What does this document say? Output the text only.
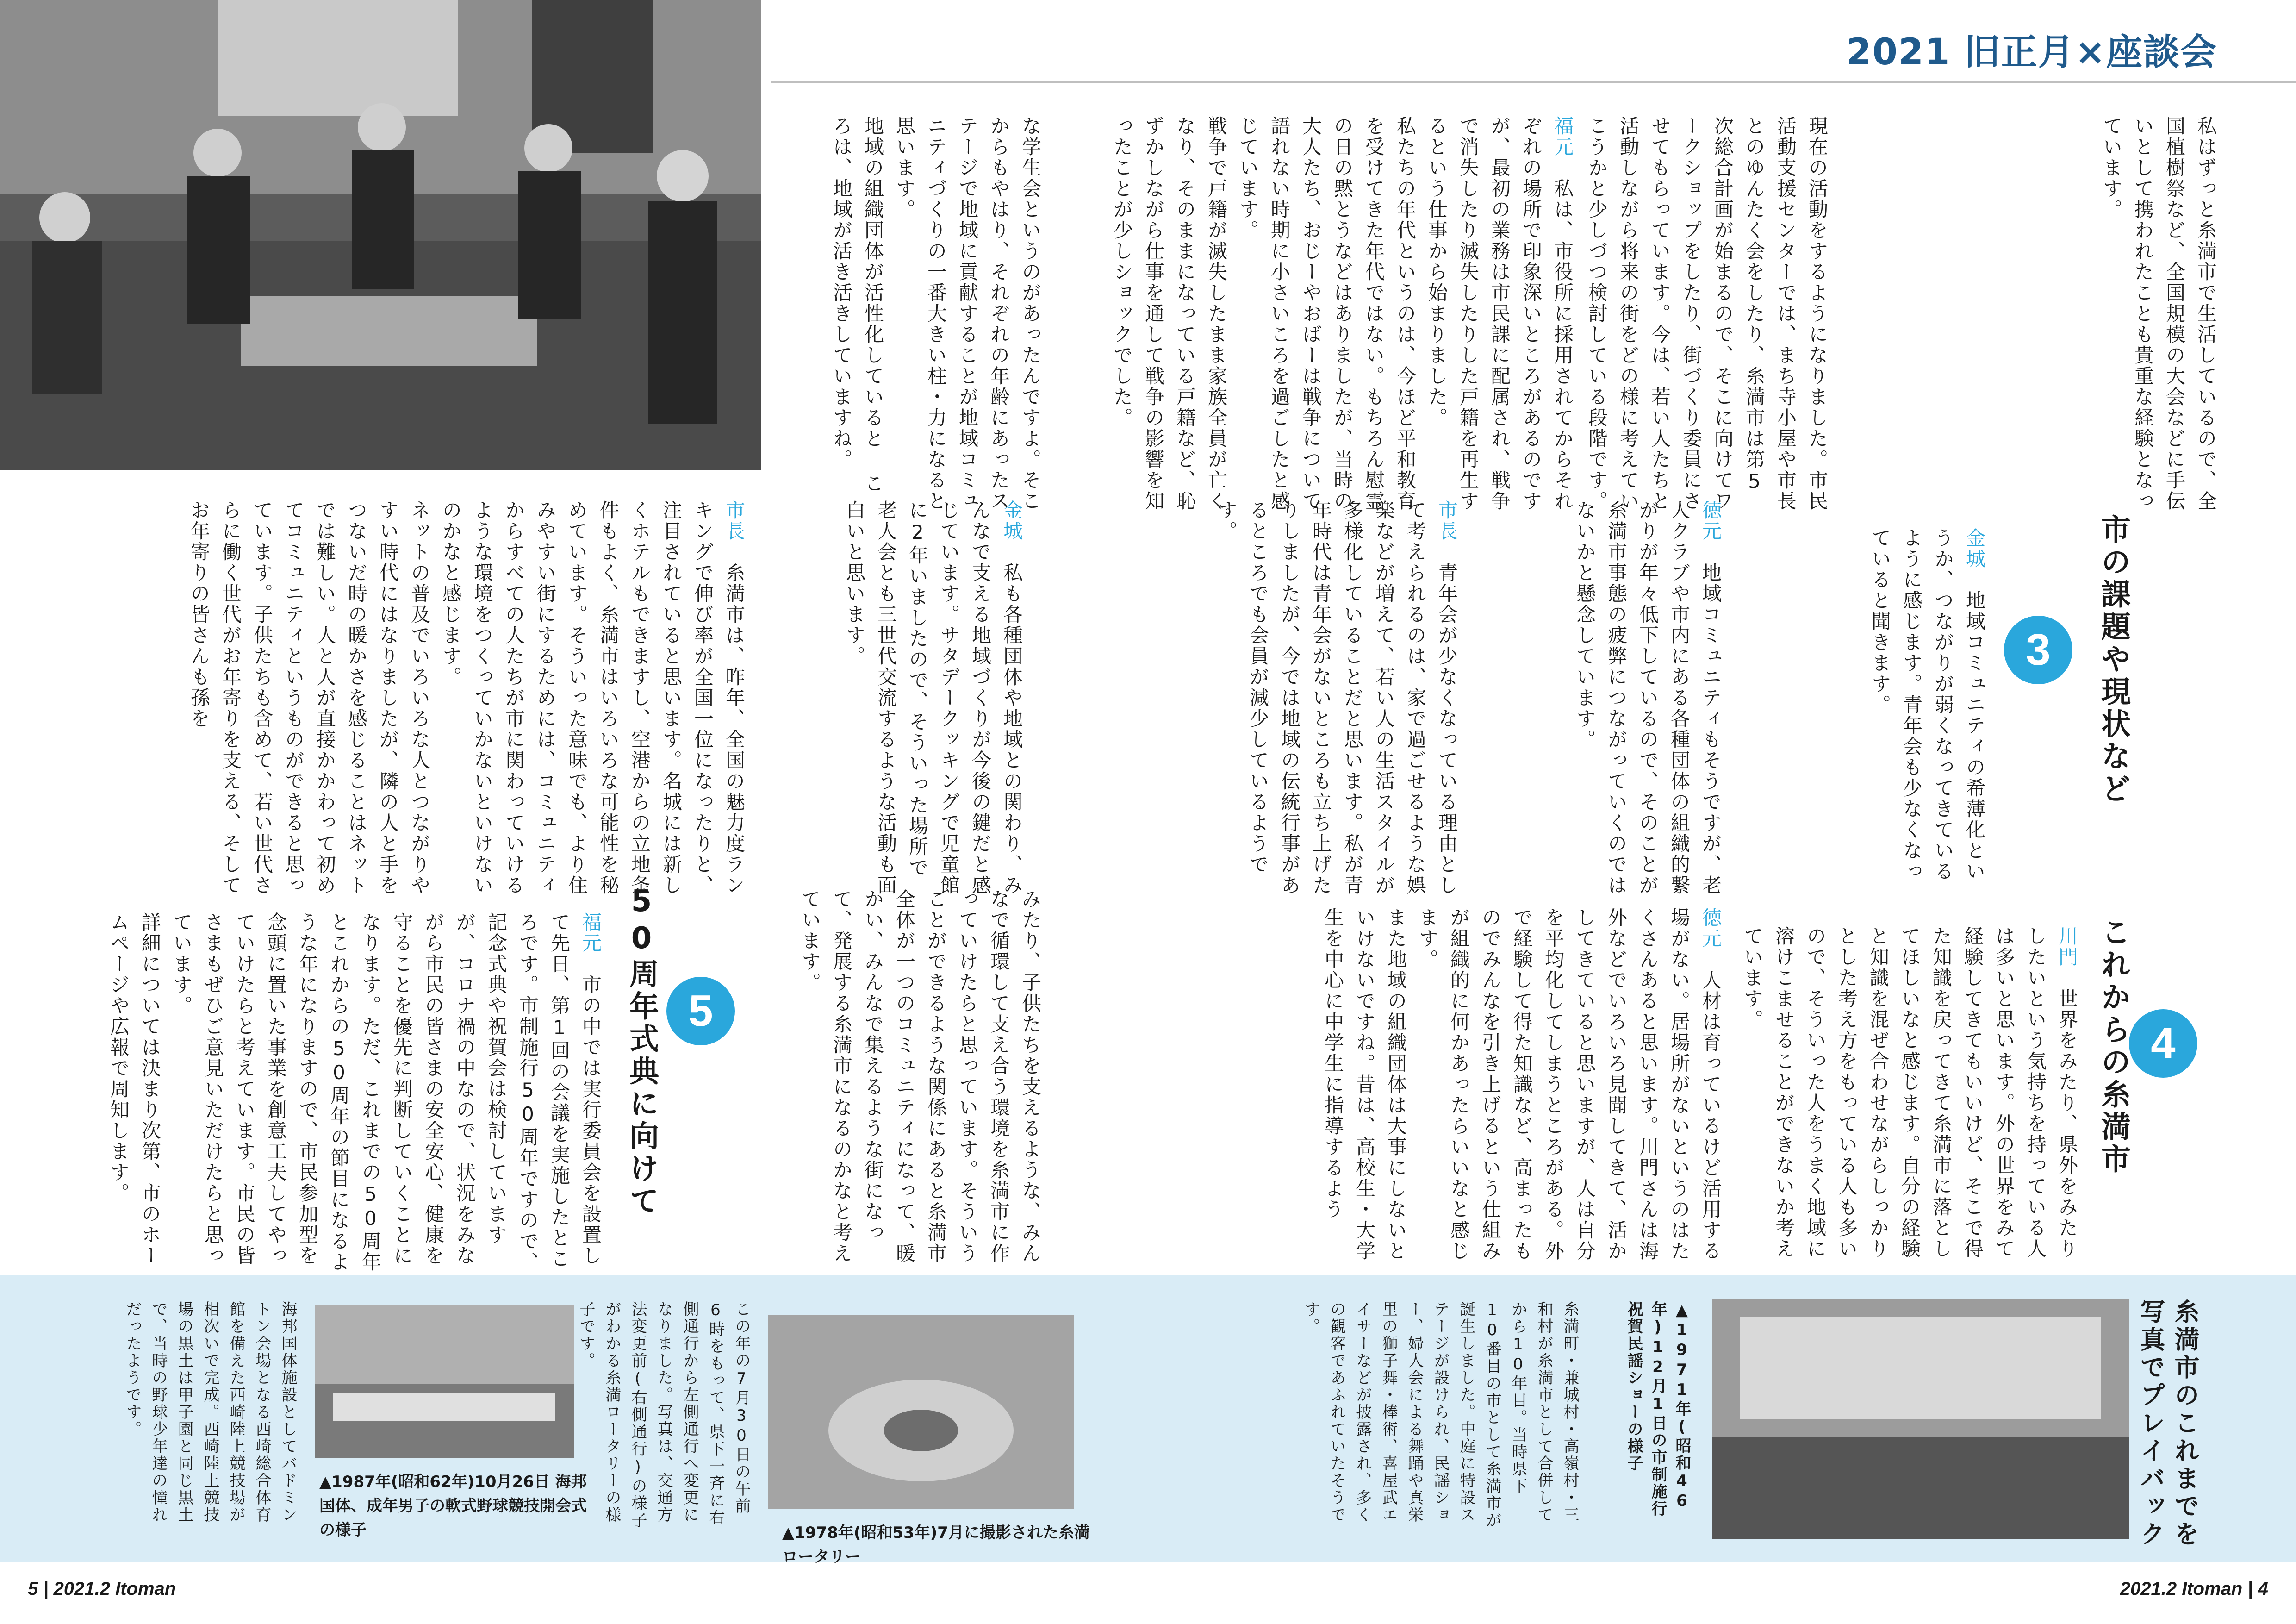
2021 旧正月×座談会
現在の活動をするようになりました。市民活動支援センターでは、まち寺小屋や市長とのゆんたく会をしたり、糸満市は第5次総合計画が始まるので、そこに向けてワークショップをしたり、街づくり委員にさせてもらっています。今は、若い人たちと活動しながら将来の街をどの様に考えていこうかと少しづつ検討している段階です。
福元　私は、市役所に採用されてからそれぞれの場所で印象深いところがあるのですが、最初の業務は市民課に配属され、戦争で消失したり滅失したりした戸籍を再生するという仕事から始まりました。
私たちの年代というのは、今ほど平和教育を受けてきた年代ではない。もちろん慰霊の日の黙とうなどはありましたが、当時の大人たち、おじーやおばーは戦争について語れない時期に小さいころを過ごしたと感じています。
戦争で戸籍が滅失したまま家族全員が亡くなり、そのままになっている戸籍など、恥ずかしながら仕事を通して戦争の影響を知ったことが少しショックでした。	私はずっと糸満市で生活しているので、全国植樹祭など、全国規模の大会などに手伝いとして携われたことも貴重な経験となっています。
3	市の課題や現状など
金城　地域コミュニティの希薄化というか、つながりが弱くなってきているように感じます。青年会も少なくなっていると聞きます。
徳元　地域コミュニティもそうですが、老人クラブや市内にある各種団体の組織的繋がりが年々低下しているので、そのことが糸満市事態の疲弊につながっていくのではないかと懸念しています。
市長　青年会が少なくなっている理由として考えられるのは、家で過ごせるような娯楽などが増えて、若い人の生活スタイルが多様化していることだと思います。私が青年時代は青年会がないところも立ち上げたりしましたが、今では地域の伝統行事があるところでも会員が減少しているようです。
4
これからの糸満市
川門　世界をみたり、県外をみたりしたいという気持ちを持っている人は多いと思います。外の世界をみて経験してきてもいいけど、そこで得た知識を戻ってきて糸満市に落としてほしいなと感じます。自分の経験と知識を混ぜ合わせながらしっかりとした考え方をもっている人も多いので、そういった人をうまく地域に溶けこませることができないか考えています。
徳元　人材は育っているけど活用する場がない。居場所がないというのはたくさんあると思います。川門さんは海外などでいろいろ見聞してきて、活かしてきていると思いますが、人は自分を平均化してしまうところがある。外で経験して得た知識など、高まったものでみんなを引き上げるという仕組みが組織的に何かあったらいいなと感じます。
また地域の組織団体は大事にしないといけないですね。昔は、高校生・大学生を中心に中学生に指導するよう
な学生会というのがあったんですよ。そこからもやはり、それぞれの年齢にあったステージで地域に貢献することが地域コミュニティづくりの一番大きい柱・力になると思います。
地域の組織団体が活性化していると ころは、地域が活き活きしていますね。
金城　私も各種団体や地域との関わり、みんなで支える地域づくりが今後の鍵だと感じています。サタデークッキングで児童館に2年いましたので、そういった場所で老人会とも三世代交流するような活動も面白いと思います。
市長　糸満市は、昨年、全国の魅力度ランキングで伸び率が全国一位になったりと、注目されていると思います。名城には新しくホテルもできますし、空港からの立地条件もよく、糸満市はいろいろな可能性を秘めています。そういった意味でも、より住みやすい街にするためには、コミュニティからすべての人たちが市に関わっていけるような環境をつくっていかないといけないのかなと感じます。
ネットの普及でいろいろな人とつながりやすい時代にはなりましたが、隣の人と手をつないだ時の暖かさを感じることはネットでは難しい。人と人が直接かかわって初めてコミュニティというものができると思っています。子供たちも含めて、若い世代さらに働く世代がお年寄りを支える、そしてお年寄りの皆さんも孫を
みたり、子供たちを支えるような、みんなで循環して支え合う環境を糸満市に作っていけたらと思っています。そういうことができるような関係にあると糸満市全体が一つのコミュニティになって、暖かい、みんなで集えるような街になって、発展する糸満市になるのかなと考えています。
5
50周年式典に向けて
福元　市の中では実行委員会を設置して先日、第1回の会議を実施したところです。市制施行50周年ですので、記念式典や祝賀会は検討していますが、コロナ禍の中なので、状況をみながら市民の皆さまの安全安心、健康を守ることを優先に判断していくことになります。ただ、これまでの50周年とこれからの50周年の節目になるような年になりますので、市民参加型を念頭に置いた事業を創意工夫してやっていけたらと考えています。市民の皆さまもぜひご意見いただけたらと思っています。
詳細については決まり次第、市のホームページや広報で周知します。
糸満市のこれまでを写真でプレイバック
▲1971年(昭和46年)12月1日の市制施行祝賀民謡ショーの様子
糸満町・兼城村・高嶺村・三和村が糸満市として合併してから10年目。当時県下10番目の市として糸満市が誕生しました。中庭に特設ステージが設けられ、民謡ショー、婦人会による舞踊や真栄里の獅子舞・棒術、喜屋武エイサーなどが披露され、多くの観客であふれていたそうです。
▲1978年(昭和53年)7月に撮影された糸満ロータリー
この年の7月30日の午前6時をもって、県下一斉に右側通行から左側通行へ変更になりました。写真は、交通方法変更前(右側通行)の様子がわかる糸満ロータリーの様子です。
▲1987年(昭和62年)10月26日 海邦国体、成年男子の軟式野球競技開会式の様子
海邦国体施設としてバドミントン会場となる西崎総合体育館を備えた西崎陸上競技場が相次いで完成。西崎陸上競技場の黒土は甲子園と同じ黒土で、当時の野球少年達の憧れだったようです。
5 | 2021.2 Itoman	2021.2 Itoman | 4
